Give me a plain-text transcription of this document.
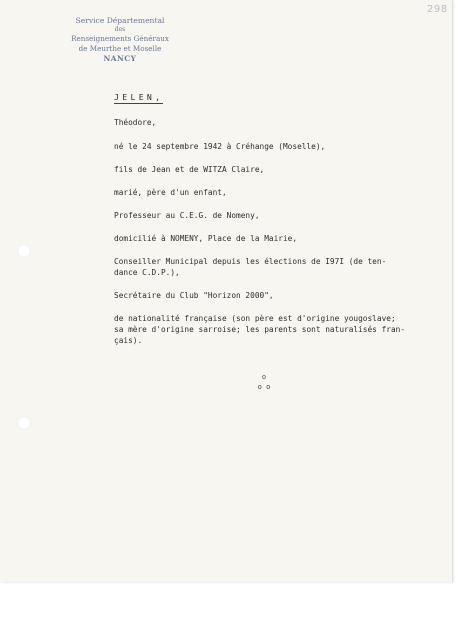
298
Service Départemental
des
Renseignements Généraux
de Meurthe et Moselle
NANCY
JELEN,
Théodore,
né le 24 septembre 1942 à Créhange (Moselle),
fils de Jean et de WITZA Claire,
marié, père d'un enfant,
Professeur au C.E.G. de Nomeny,
domicilié à NOMENY, Place de la Mairie,
Conseiller Municipal depuis les élections de I97I (de ten-
dance C.D.P.),
Secrétaire du Club "Horizon 2000",
de nationalité française (son père est d'origine yougoslave;
sa mère d'origine sarroise; les parents sont naturalisés fran-
çais).
o
o o
